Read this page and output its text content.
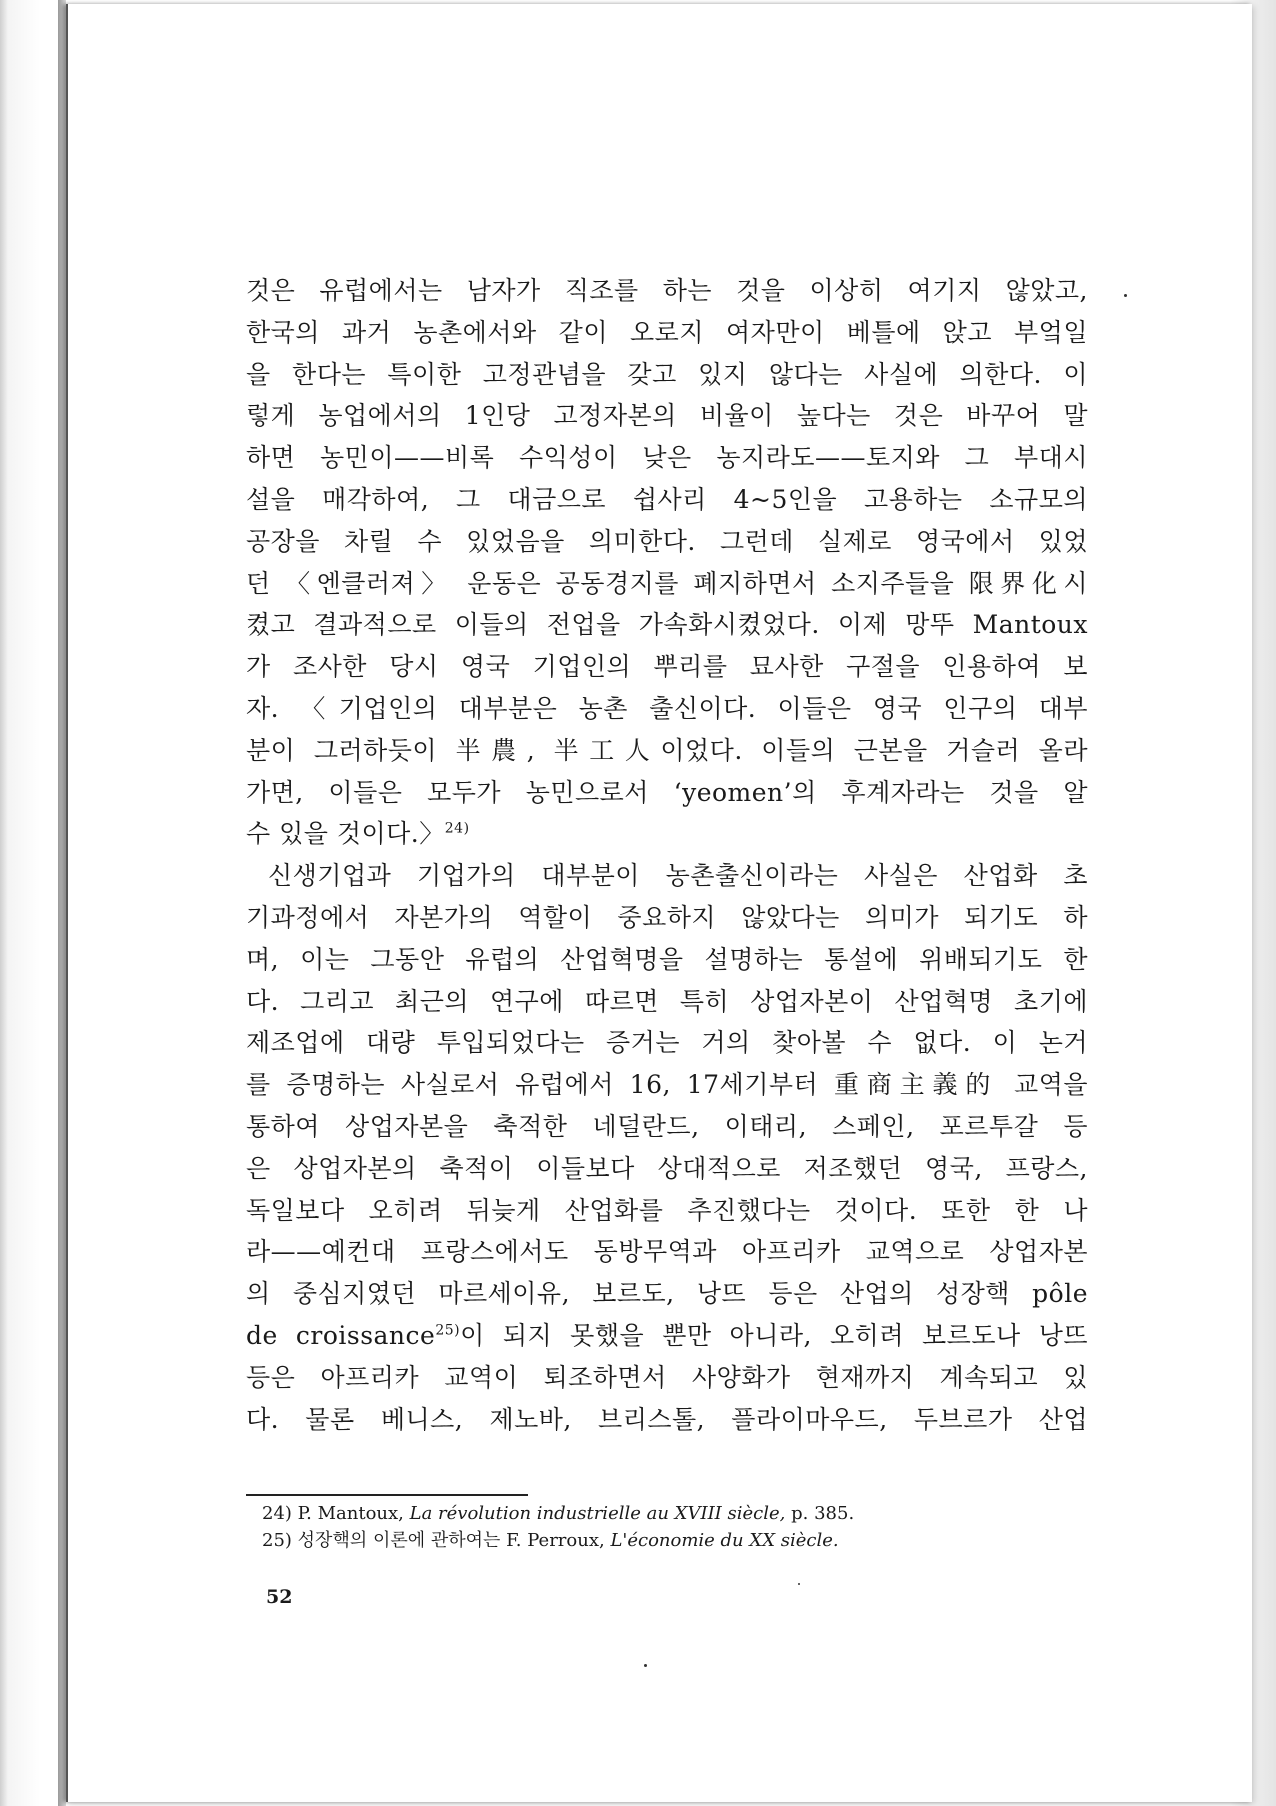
것은 유럽에서는 남자가 직조를 하는 것을 이상히 여기지 않았고,
한국의 과거 농촌에서와 같이 오로지 여자만이 베틀에 앉고 부엌일
을 한다는 특이한 고정관념을 갖고 있지 않다는 사실에 의한다. 이
렇게 농업에서의 1인당 고정자본의 비율이 높다는 것은 바꾸어 말
하면 농민이——비록 수익성이 낮은 농지라도——토지와 그 부대시
설을 매각하여, 그 대금으로 쉽사리 4~5인을 고용하는 소규모의
공장을 차릴 수 있었음을 의미한다. 그런데 실제로 영국에서 있었
던 〈엔클러져〉 운동은 공동경지를 폐지하면서 소지주들을 限界化시
켰고 결과적으로 이들의 전업을 가속화시켰었다. 이제 망뚜 Mantoux
가 조사한 당시 영국 기업인의 뿌리를 묘사한 구절을 인용하여 보
자. 〈기업인의 대부분은 농촌 출신이다. 이들은 영국 인구의 대부
분이 그러하듯이 半農, 半工人이었다. 이들의 근본을 거슬러 올라
가면, 이들은 모두가 농민으로서 ‘yeomen’의 후계자라는 것을 알
수 있을 것이다.〉$^{24)}$
신생기업과 기업가의 대부분이 농촌출신이라는 사실은 산업화 초
기과정에서 자본가의 역할이 중요하지 않았다는 의미가 되기도 하
며, 이는 그동안 유럽의 산업혁명을 설명하는 통설에 위배되기도 한
다. 그리고 최근의 연구에 따르면 특히 상업자본이 산업혁명 초기에
제조업에 대량 투입되었다는 증거는 거의 찾아볼 수 없다. 이 논거
를 증명하는 사실로서 유럽에서 16, 17세기부터 重商主義的 교역을
통하여 상업자본을 축적한 네덜란드, 이태리, 스페인, 포르투갈 등
은 상업자본의 축적이 이들보다 상대적으로 저조했던 영국, 프랑스,
독일보다 오히려 뒤늦게 산업화를 추진했다는 것이다. 또한 한 나
라——예컨대 프랑스에서도 동방무역과 아프리카 교역으로 상업자본
의 중심지였던 마르세이유, 보르도, 낭뜨 등은 산업의 성장핵 pôle
de croissance$^{25)}$이 되지 못했을 뿐만 아니라, 오히려 보르도나 낭뜨
등은 아프리카 교역이 퇴조하면서 사양화가 현재까지 계속되고 있
다. 물론 베니스, 제노바, 브리스톨, 플라이마우드, 두브르가 산업
24) P. Mantoux, La révolution industrielle au XVIII siècle, p. 385.
25) 성장핵의 이론에 관하여는 F. Perroux, L'économie du XX siècle.
52
